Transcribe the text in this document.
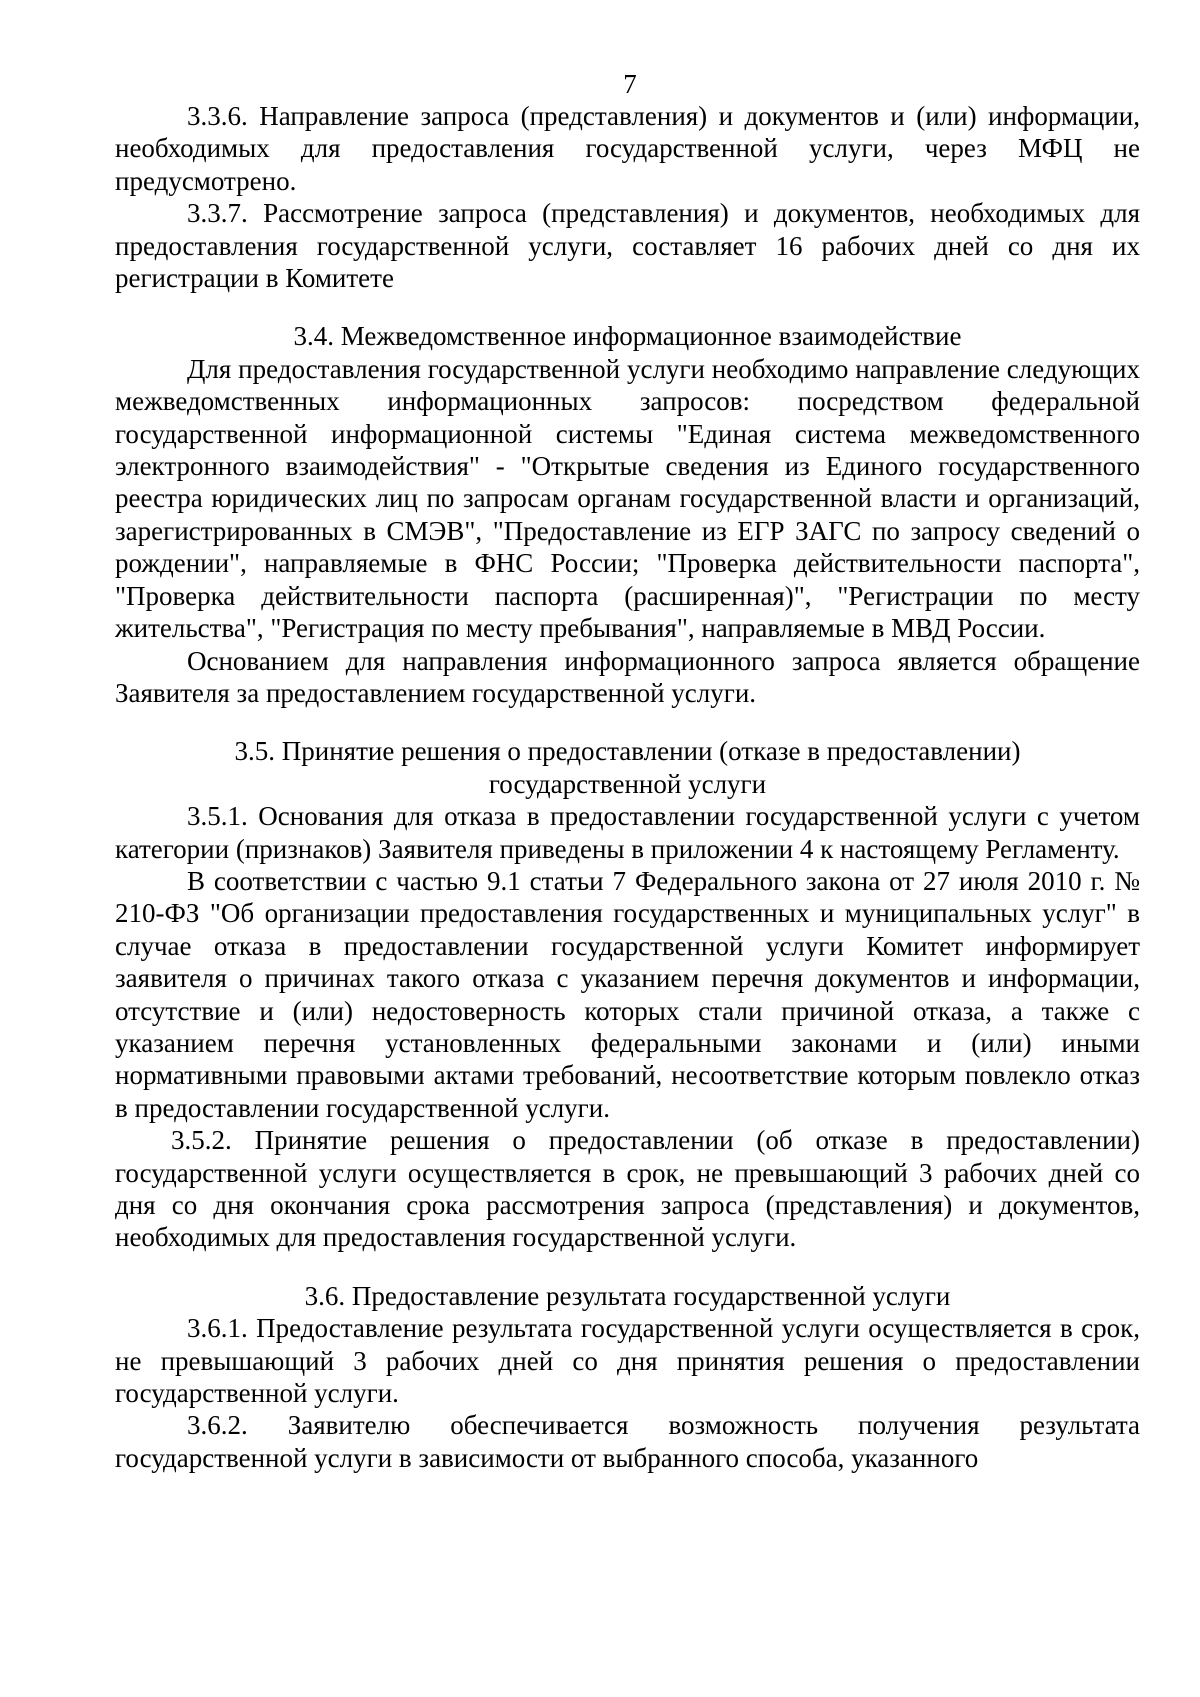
7

3.3.6. Направление запроса (представления) и документов и (или) информации, необходимых для предоставления государственной услуги, через МФЦ не предусмотрено.

3.3.7. Рассмотрение запроса (представления) и документов, необходимых для предоставления государственной услуги, составляет 16 рабочих дней со дня их регистрации в Комитете

3.4. Межведомственное информационное взаимодействие

Для предоставления государственной услуги необходимо направление следующих межведомственных информационных запросов: посредством федеральной государственной информационной системы "Единая система межведомственного электронного взаимодействия" - "Открытые сведения из Единого государственного реестра юридических лиц по запросам органам государственной власти и организаций, зарегистрированных в СМЭВ", "Предоставление из ЕГР ЗАГС по запросу сведений о рождении", направляемые в ФНС России; "Проверка действительности паспорта", "Проверка действительности паспорта (расширенная)", "Регистрации по месту жительства", "Регистрация по месту пребывания", направляемые в МВД России.

Основанием для направления информационного запроса является обращение Заявителя за предоставлением государственной услуги.

3.5. Принятие решения о предоставлении (отказе в предоставлении)
государственной услуги

3.5.1. Основания для отказа в предоставлении государственной услуги с учетом категории (признаков) Заявителя приведены в приложении 4 к настоящему Регламенту.

В соответствии с частью 9.1 статьи 7 Федерального закона от 27 июля 2010 г. № 210-ФЗ "Об организации предоставления государственных и муниципальных услуг" в случае отказа в предоставлении государственной услуги Комитет информирует заявителя о причинах такого отказа с указанием перечня документов и информации, отсутствие и (или) недостоверность которых стали причиной отказа, а также с указанием перечня установленных федеральными законами и (или) иными нормативными правовыми актами требований, несоответствие которым повлекло отказ в предоставлении государственной услуги.

3.5.2. Принятие решения о предоставлении (об отказе в предоставлении) государственной услуги осуществляется в срок, не превышающий 3 рабочих дней со дня со дня окончания срока рассмотрения запроса (представления) и документов, необходимых для предоставления государственной услуги.

3.6. Предоставление результата государственной услуги

3.6.1. Предоставление результата государственной услуги осуществляется в срок, не превышающий 3 рабочих дней со дня принятия решения о предоставлении государственной услуги.

3.6.2. Заявителю обеспечивается возможность получения результата государственной услуги в зависимости от выбранного способа, указанного
